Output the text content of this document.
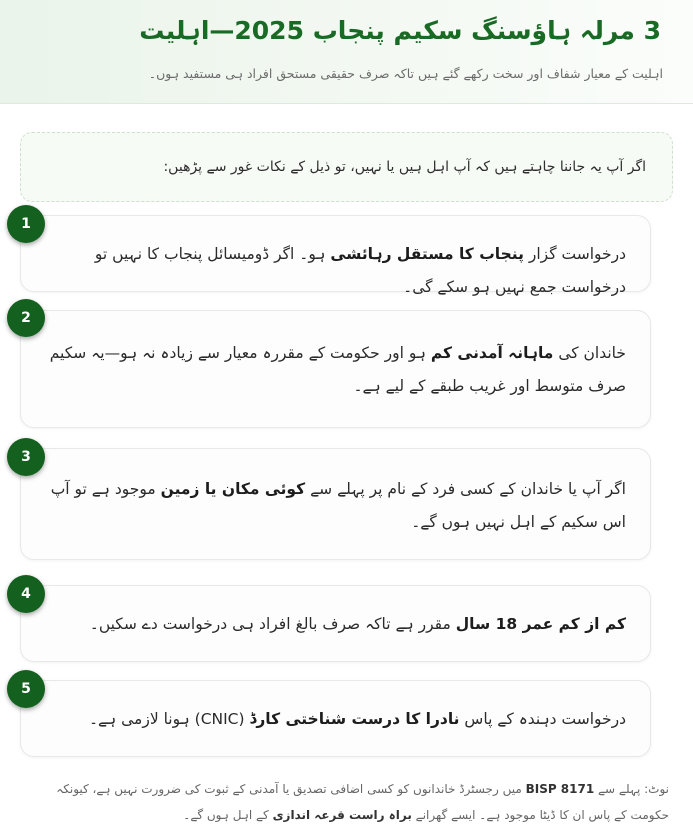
3 مرلہ ہاؤسنگ سکیم پنجاب 2025—اہلیت
اہلیت کے معیار شفاف اور سخت رکھے گئے ہیں تاکہ صرف حقیقی مستحق افراد ہی مستفید ہوں۔
اگر آپ یہ جاننا چاہتے ہیں کہ آپ اہل ہیں یا نہیں، تو ذیل کے نکات غور سے پڑھیں:
درخواست گزار پنجاب کا مستقل رہائشی ہو۔ اگر ڈومیسائل پنجاب کا نہیں تو درخواست جمع نہیں ہو سکے گی۔
1
خاندان کی ماہانہ آمدنی کم ہو اور حکومت کے مقررہ معیار سے زیادہ نہ ہو—یہ سکیم صرف متوسط اور غریب طبقے کے لیے ہے۔
2
اگر آپ یا خاندان کے کسی فرد کے نام پر پہلے سے کوئی مکان یا زمین موجود ہے تو آپ اس سکیم کے اہل نہیں ہوں گے۔
3
کم از کم عمر 18 سال مقرر ہے تاکہ صرف بالغ افراد ہی درخواست دے سکیں۔
4
درخواست دہندہ کے پاس نادرا کا درست شناختی کارڈ (CNIC) ہونا لازمی ہے۔
5
نوٹ: پہلے سے BISP 8171 میں رجسٹرڈ خاندانوں کو کسی اضافی تصدیق یا آمدنی کے ثبوت کی ضرورت نہیں ہے، کیونکہ حکومت کے پاس ان کا ڈیٹا موجود ہے۔ ایسے گھرانے براہ راست قرعہ اندازی کے اہل ہوں گے۔
